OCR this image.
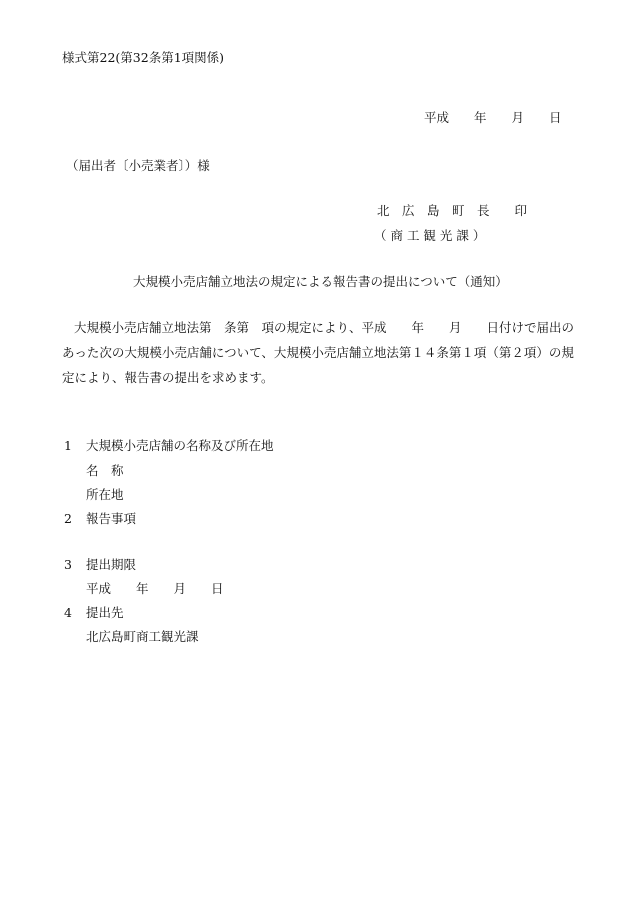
様式第22(第32条第1項関係)
平成　　年　　月　　日
（届出者〔小売業者〕）様
北　広　島　町　長　　印
（ 商 工 観 光 課 ）
大規模小売店舗立地法の規定による報告書の提出について（通知）
大規模小売店舗立地法第　条第　項の規定により、平成　　年　　月　　日付けで届出の
あった次の大規模小売店舗について、大規模小売店舗立地法第１４条第１項（第２項）の規
定により、報告書の提出を求めます。
1 大規模小売店舗の名称及び所在地
名　称
所在地
2 報告事項
3 提出期限
平成　　年　　月　　日
4 提出先
北広島町商工観光課
